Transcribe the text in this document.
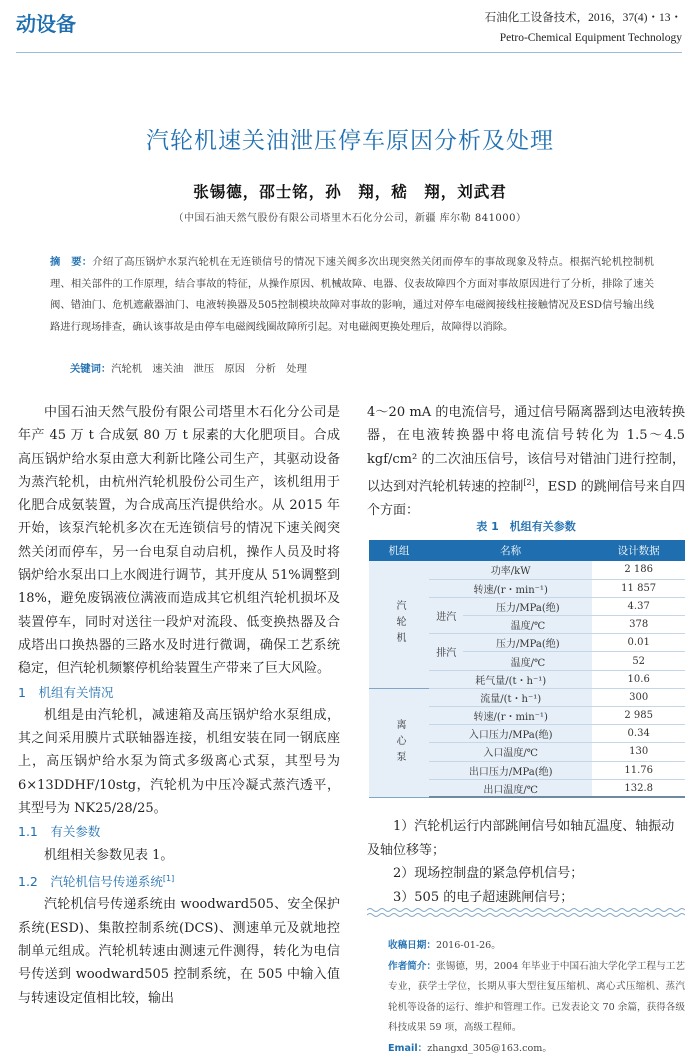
动设备	石油化工设备技术，2016，37(4)・13・
Petro-Chemical Equipment Technology
汽轮机速关油泄压停车原因分析及处理
张锡德，邵士铭，孙　翔，嵇　翔，刘武君
（中国石油天然气股份有限公司塔里木石化分公司，新疆 库尔勒 841000）
摘　要：介绍了高压锅炉水泵汽轮机在无连锁信号的情况下速关阀多次出现突然关闭而停车的事故现象及特点。根据汽轮机控制机理、相关部件的工作原理，结合事故的特征，从操作原因、机械故障、电器、仪表故障四个方面对事故原因进行了分析，排除了速关阀、错油门、危机遮蔽器油门、电液转换器及505控制模块故障对事故的影响，通过对停车电磁阀接线柱接触情况及ESD信号输出线路进行现场排查，确认该事故是由停车电磁阀线圈故障所引起。对电磁阀更换处理后，故障得以消除。
关键词：汽轮机　速关油　泄压　原因　分析　处理

中国石油天然气股份有限公司塔里木石化分公司是年产 45 万 t 合成氨 80 万 t 尿素的大化肥项目。合成高压锅炉给水泵由意大利新比隆公司生产，其驱动设备为蒸汽轮机，由杭州汽轮机股份公司生产，该机组用于化肥合成氨装置，为合成高压汽提供给水。从 2015 年开始，该泵汽轮机多次在无连锁信号的情况下速关阀突然关闭而停车，另一台电泵自动启机，操作人员及时将锅炉给水泵出口上水阀进行调节，其开度从 51%调整到 18%，避免废锅液位满液而造成其它机组汽轮机损坏及装置停车，同时对送往一段炉对流段、低变换热器及合成塔出口换热器的三路水及时进行微调，确保工艺系统稳定，但汽轮机频繁停机给装置生产带来了巨大风险。

1　机组有关情况

机组是由汽轮机，减速箱及高压锅炉给水泵组成，其之间采用膜片式联轴器连接，机组安装在同一钢底座上，高压锅炉给水泵为筒式多级离心式泵，其型号为 6×13DDHF/10stg，汽轮机为中压冷凝式蒸汽透平，其型号为 NK25/28/25。

1.1　有关参数

机组相关参数见表 1。

1.2　汽轮机信号传递系统[1]

汽轮机信号传递系统由 woodward505、安全保护系统(ESD)、集散控制系统(DCS)、测速单元及就地控制单元组成。汽轮机转速由测速元件测得，转化为电信号传送到 woodward505 控制系统，在 505 中输入值与转速设定值相比较，输出

4～20 mA 的电流信号，通过信号隔离器到达电液转换器，在电液转换器中将电流信号转化为 1.5～4.5 kgf/cm² 的二次油压信号，该信号对错油门进行控制，以达到对汽轮机转速的控制[2]，ESD 的跳闸信号来自四个方面：
表 1　机组有关参数
机组	名称		设计数据
汽轮机	功率/kW		2 186
	转速/(r・min⁻¹)		11 857
	进汽	压力/MPa(绝)	4.37
		温度/℃	378
	排汽	压力/MPa(绝)	0.01
		温度/℃	52
	耗气量/(t・h⁻¹)		10.6
离心泵	流量/(t・h⁻¹)		300
	转速/(r・min⁻¹)		2 985
	入口压力/MPa(绝)		0.34
	入口温度/℃		130
	出口压力/MPa(绝)		11.76
	出口温度/℃		132.8
1）汽轮机运行内部跳闸信号如轴瓦温度、轴振动及轴位移等；
2）现场控制盘的紧急停机信号；
3）505 的电子超速跳闸信号；
收稿日期：2016-01-26。
作者简介：张锡德，男，2004 年毕业于中国石油大学化学工程与工艺专业，获学士学位，长期从事大型往复压缩机、离心式压缩机、蒸汽轮机等设备的运行、维护和管理工作。已发表论文 70 余篇，获得各级科技成果 59 项，高级工程师。
Email：zhangxd_305@163.com。
